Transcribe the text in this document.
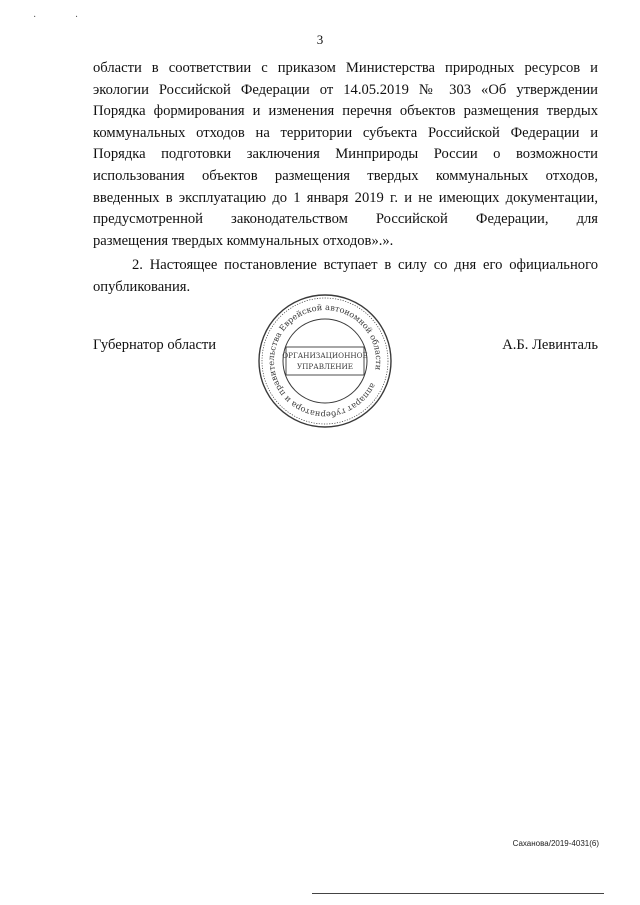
· ·
3
области в соответствии с приказом Министерства природных ресурсов и
экологии Российской Федерации от 14.05.2019 № 303 «Об утверждении
Порядка формирования и изменения перечня объектов размещения твердых
коммунальных отходов на территории субъекта Российской Федерации и
Порядка подготовки заключения Минприроды России о возможности
использования объектов размещения твердых коммунальных отходов,
введенных в эксплуатацию до 1 января 2019 г. и не имеющих документации,
предусмотренной законодательством Российской Федерации, для
размещения твердых коммунальных отходов».».
2. Настоящее постановление вступает в силу со дня его официального
опубликования.
Губернатор области	А.Б. Левинталь
аппарат губернатора и правительства Еврейской автономной области
ОРГАНИЗАЦИОННОЕ
УПРАВЛЕНИЕ
Саханова/2019-4031(6)
